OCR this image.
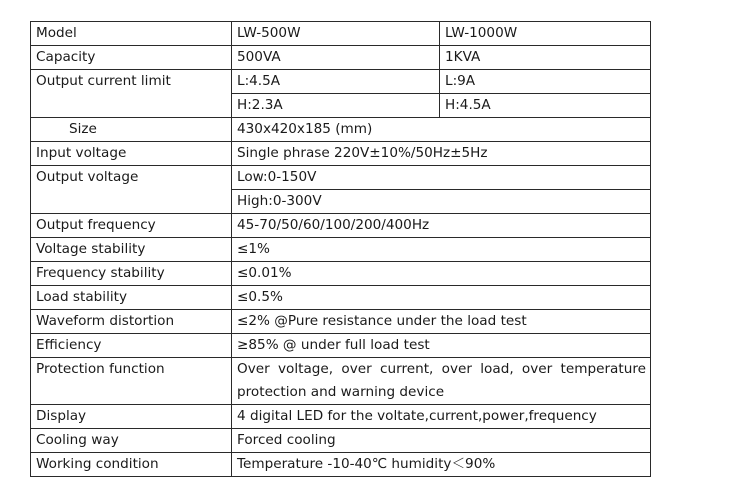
Model	LW-500W	LW-1000W
Capacity	500VA	1KVA
Output current limit	L:4.5A	L:9A
	H:2.3A	H:4.5A
Size	430x420x185 (mm)	
Input voltage	Single phrase 220V±10%/50Hz±5Hz	
Output voltage	Low:0-150V	
	High:0-300V	
Output frequency	45-70/50/60/100/200/400Hz	
Voltage stability	≤1%	
Frequency stability	≤0.01%	
Load stability	≤0.5%	
Waveform distortion	≤2% @Pure resistance under the load test	
Efficiency	≥85% @ under full load test	
Protection function	Over voltage, over current, over load, over temperature protection and warning device	
Display	4 digital LED for the voltate,current,power,frequency	
Cooling way	Forced cooling	
Working condition	Temperature -10-40℃ humidity＜90%	
